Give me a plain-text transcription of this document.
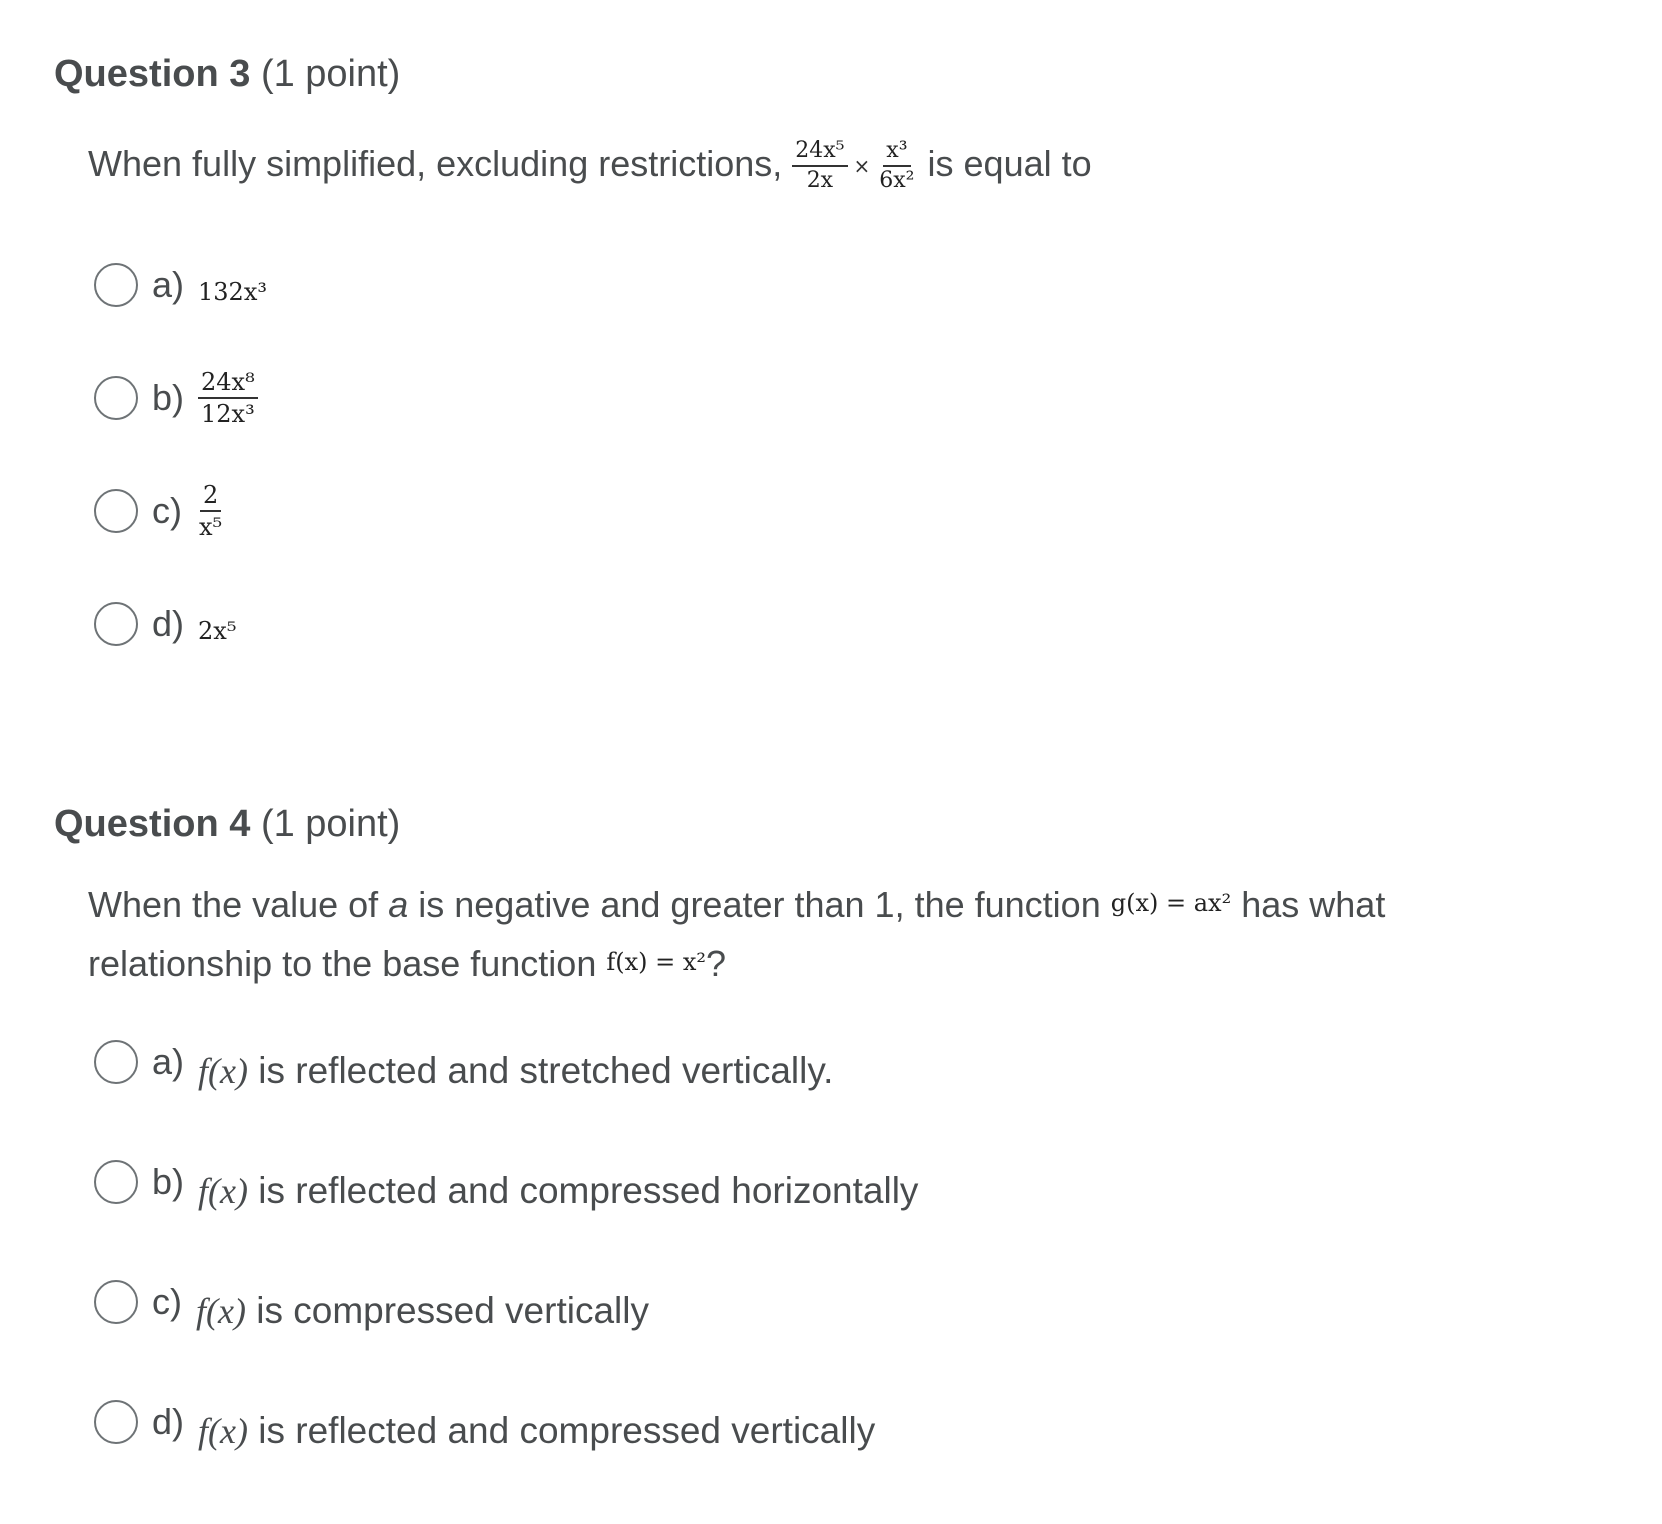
Question 3 (1 point)
When fully simplified, excluding restrictions, $\frac{\text{24x⁵}}{2x} \times \frac{\text{x³}}{\text{6x²}}$ is equal to
a) 132x³
$b) \frac{\text{24x⁸}}{\text{12x³}}$
$c) \frac{2}{\text{x⁵}}$
d) 2x⁵
Question 4 (1 point)
When the value of a is negative and greater than 1, the function g(x) = ax² has what
relationship to the base function f(x) = x²?
a) f(x) is reflected and stretched vertically.
b) f(x) is reflected and compressed horizontally
c) f(x) is compressed vertically
d) f(x) is reflected and compressed vertically
